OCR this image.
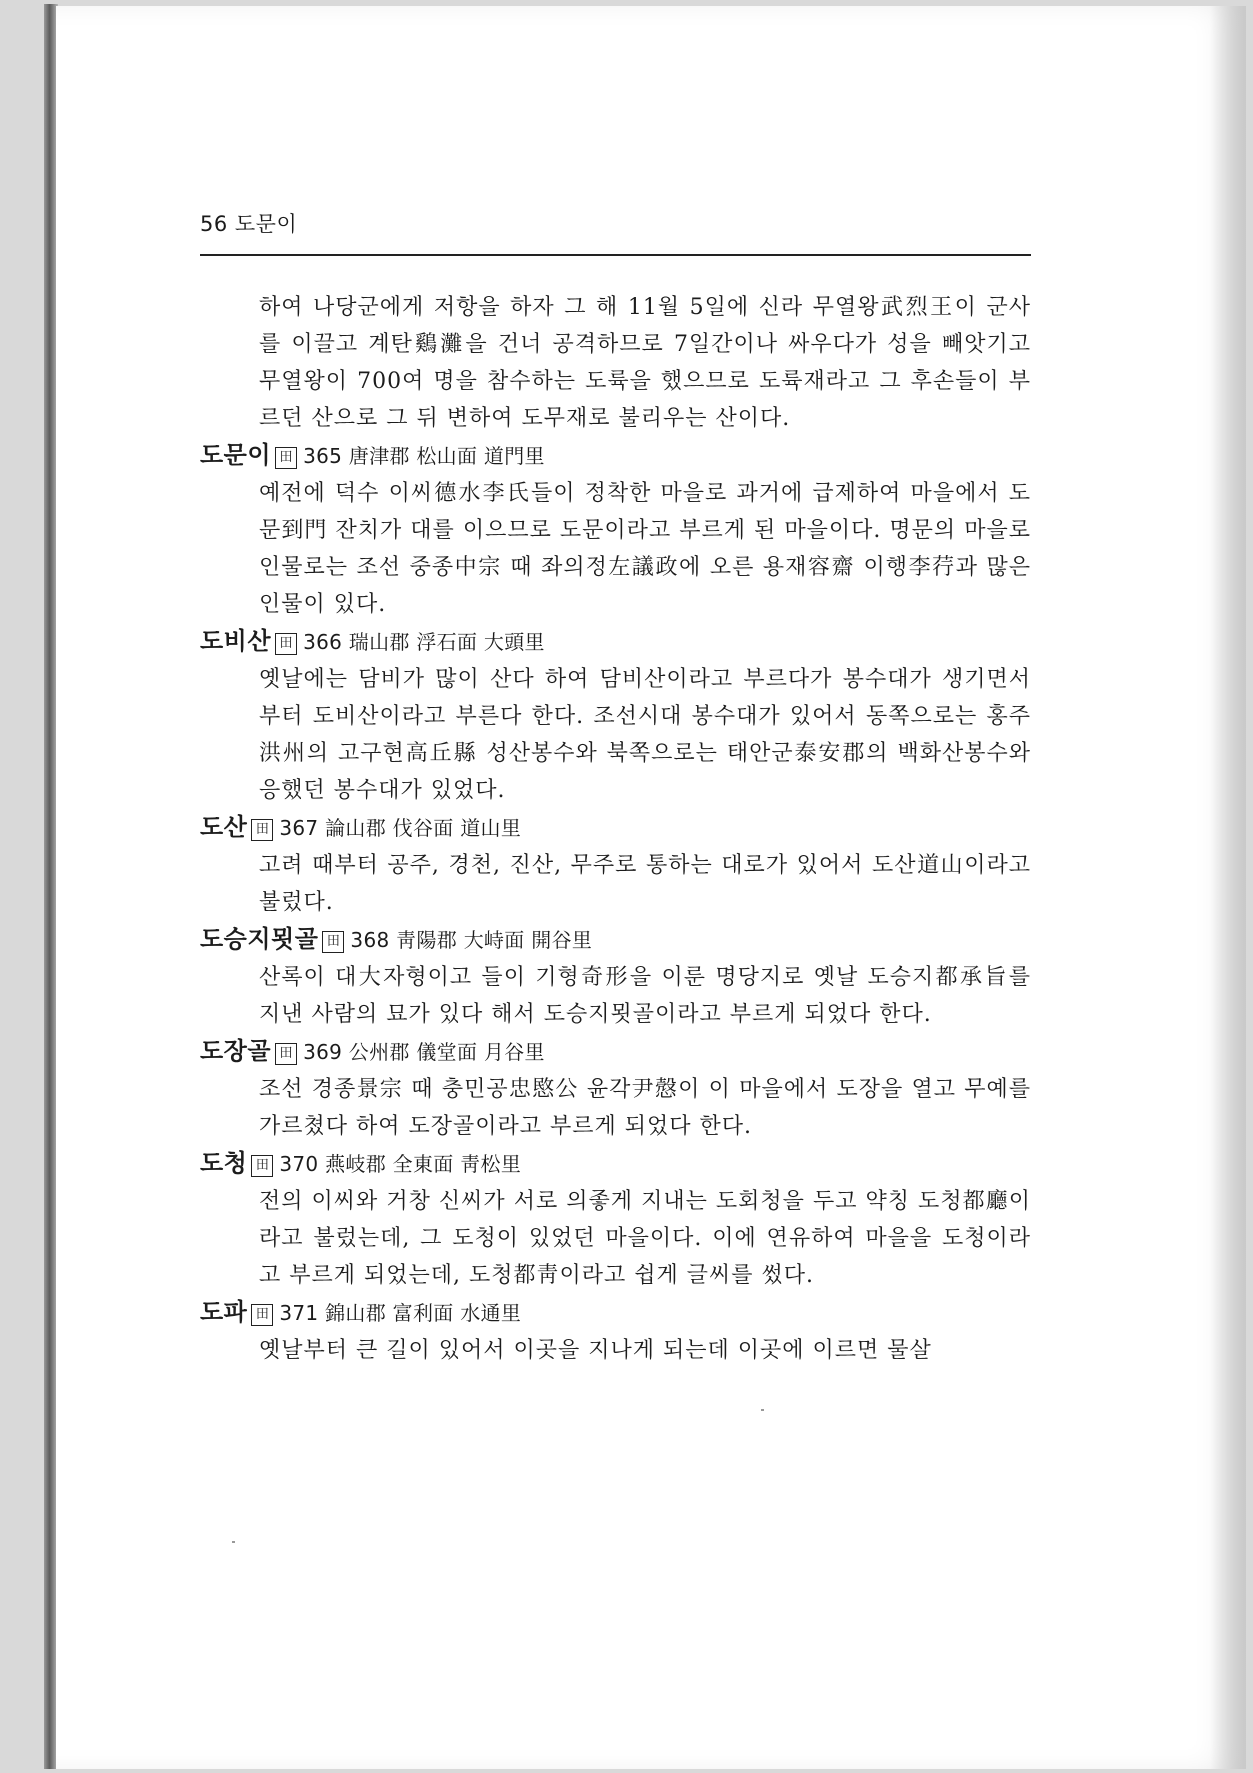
56 도문이

하여 나당군에게 저항을 하자 그 해 11월 5일에 신라 무열왕武烈王이 군사를 이끌고 계탄鷄灘을 건너 공격하므로 7일간이나 싸우다가 성을 빼앗기고 무열왕이 700여 명을 참수하는 도륙을 했으므로 도륙재라고 그 후손들이 부르던 산으로 그 뒤 변하여 도무재로 불리우는 산이다.

도문이 田 365 唐津郡 松山面 道門里

예전에 덕수 이씨德水李氏들이 정착한 마을로 과거에 급제하여 마을에서 도문到門 잔치가 대를 이으므로 도문이라고 부르게 된 마을이다. 명문의 마을로 인물로는 조선 중종中宗 때 좌의정左議政에 오른 용재容齋 이행李荇과 많은 인물이 있다.

도비산 田 366 瑞山郡 浮石面 大頭里

옛날에는 담비가 많이 산다 하여 담비산이라고 부르다가 봉수대가 생기면서부터 도비산이라고 부른다 한다. 조선시대 봉수대가 있어서 동쪽으로는 홍주洪州의 고구현高丘縣 성산봉수와 북쪽으로는 태안군泰安郡의 백화산봉수와 응했던 봉수대가 있었다.

도산 田 367 論山郡 伐谷面 道山里

고려 때부터 공주, 경천, 진산, 무주로 통하는 대로가 있어서 도산道山이라고 불렀다.

도승지묏골 田 368 靑陽郡 大峙面 開谷里

산록이 대大자형이고 들이 기형奇形을 이룬 명당지로 옛날 도승지都承旨를 지낸 사람의 묘가 있다 해서 도승지묏골이라고 부르게 되었다 한다.

도장골 田 369 公州郡 儀堂面 月谷里

조선 경종景宗 때 충민공忠愍公 윤각尹慤이 이 마을에서 도장을 열고 무예를 가르쳤다 하여 도장골이라고 부르게 되었다 한다.

도청 田 370 燕岐郡 全東面 靑松里

전의 이씨와 거창 신씨가 서로 의좋게 지내는 도회청을 두고 약칭 도청都廳이라고 불렀는데, 그 도청이 있었던 마을이다. 이에 연유하여 마을을 도청이라고 부르게 되었는데, 도청都靑이라고 쉽게 글씨를 썼다.

도파 田 371 錦山郡 富利面 水通里

옛날부터 큰 길이 있어서 이곳을 지나게 되는데 이곳에 이르면 물살
